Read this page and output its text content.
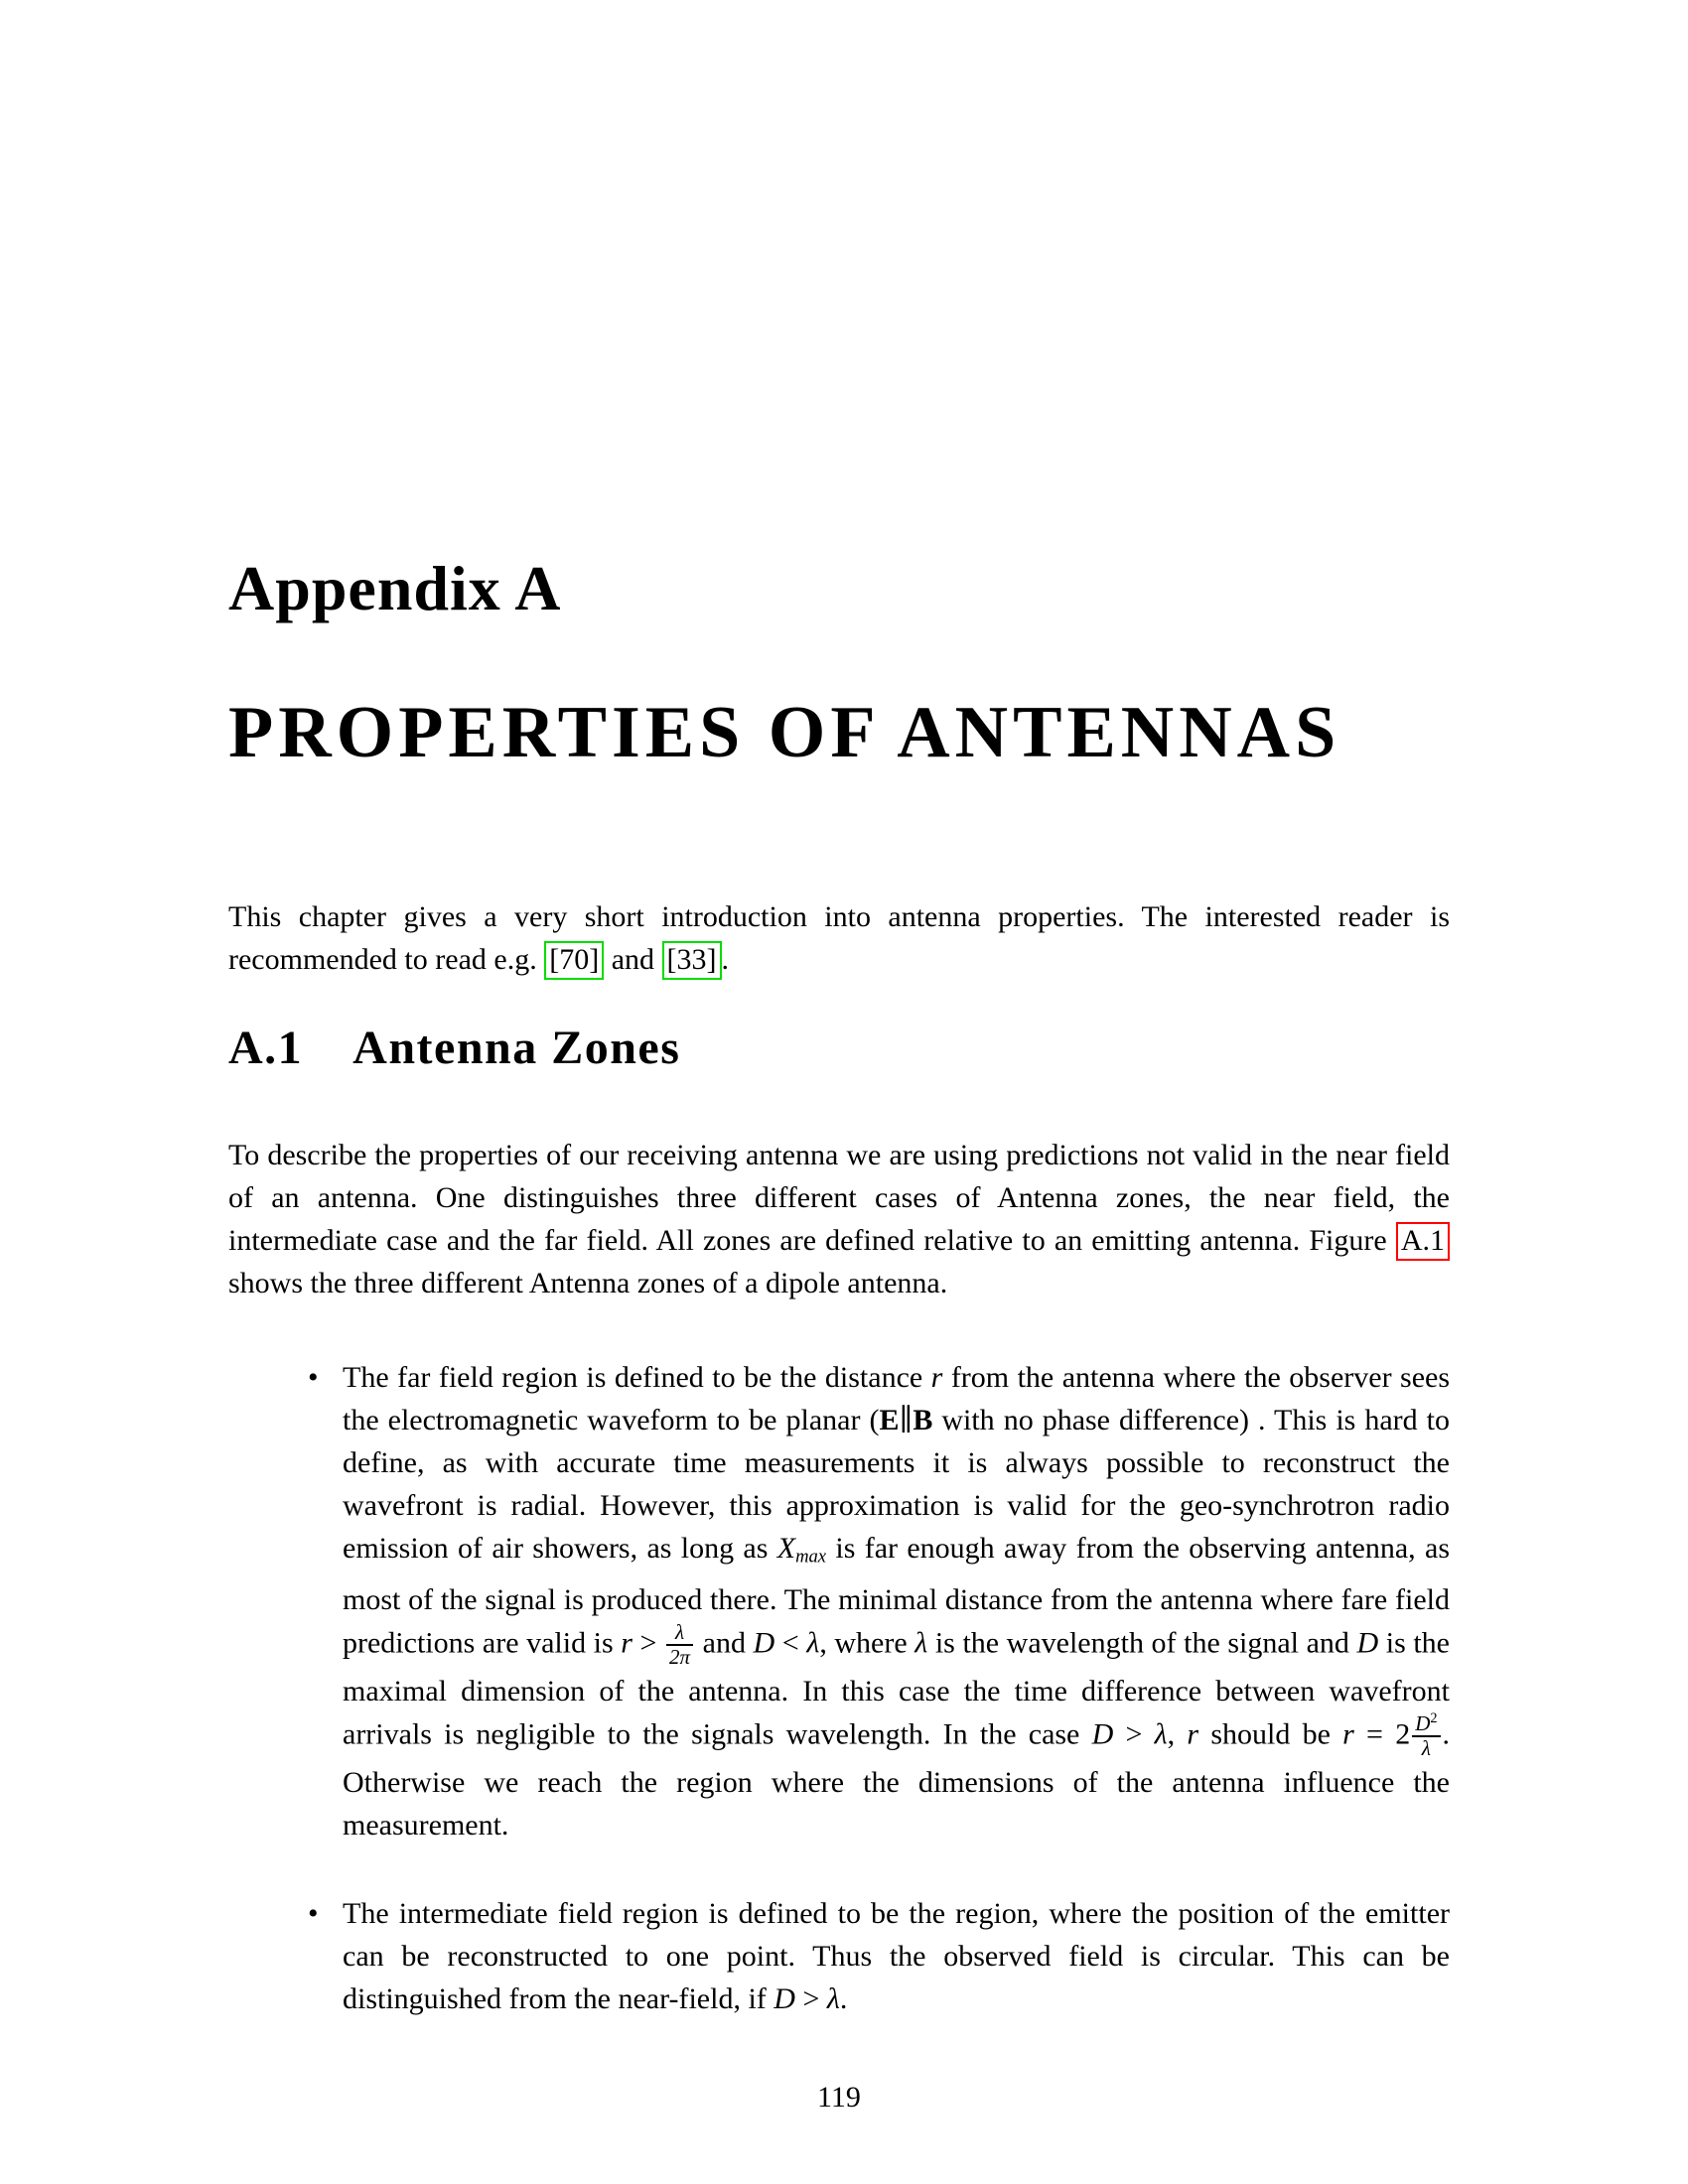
Appendix A
PROPERTIES OF ANTENNAS

This chapter gives a very short introduction into antenna properties. The interested reader is recommended to read e.g. [70] and [33] .

A.1 Antenna Zones

To describe the properties of our receiving antenna we are using predictions not valid in the near field of an antenna. One distinguishes three different cases of Antenna zones, the near field, the intermediate case and the far field. All zones are defined relative to an emitting antenna. Figure A.1 shows the three different Antenna zones of a dipole antenna.

• The far field region is defined to be the distance r from the antenna where the observer sees the electromagnetic waveform to be planar (E∥B with no phase difference) . This is hard to define, as with accurate time measurements it is always possible to reconstruct the wavefront is radial. However, this approximation is valid for the geo-synchrotron radio emission of air showers, as long as Xmax is far enough away from the observing antenna, as most of the signal is produced there. The minimal distance from the antenna where fare field predictions are valid is $r > \frac{\lambda}{2\pi}$ and D < λ, where λ is the wavelength of the signal and D is the maximal dimension of the antenna. In this case the time difference between wavefront arrivals is negligible to the signals wavelength. In the case D > λ, r should be $r = 2 \frac{D^2}{\lambda}$ . Otherwise we reach the region where the dimensions of the antenna influence the measurement.
• The intermediate field region is defined to be the region, where the position of the emitter can be reconstructed to one point. Thus the observed field is circular. This can be distinguished from the near-field, if D > λ.
119
